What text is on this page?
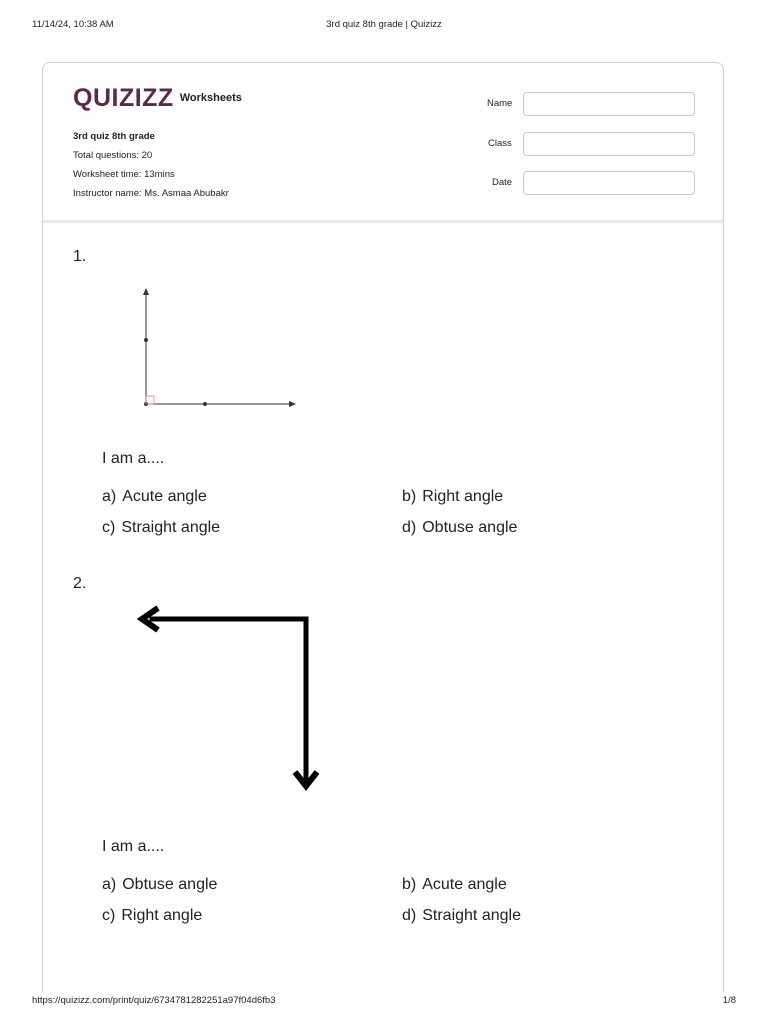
11/14/24, 10:38 AM	3rd quiz 8th grade | Quizizz
QUIZIZZ Worksheets
3rd quiz 8th grade
Total questions: 20
Worksheet time: 13mins
Instructor name: Ms. Asmaa Abubakr
Name
Class
Date
1.
I am a....
a) Acute angle	b) Right angle
c) Straight angle	d) Obtuse angle
2.
I am a....
a) Obtuse angle	b) Acute angle
c) Right angle	d) Straight angle
https://quizizz.com/print/quiz/6734781282251a97f04d6fb3	1/8
